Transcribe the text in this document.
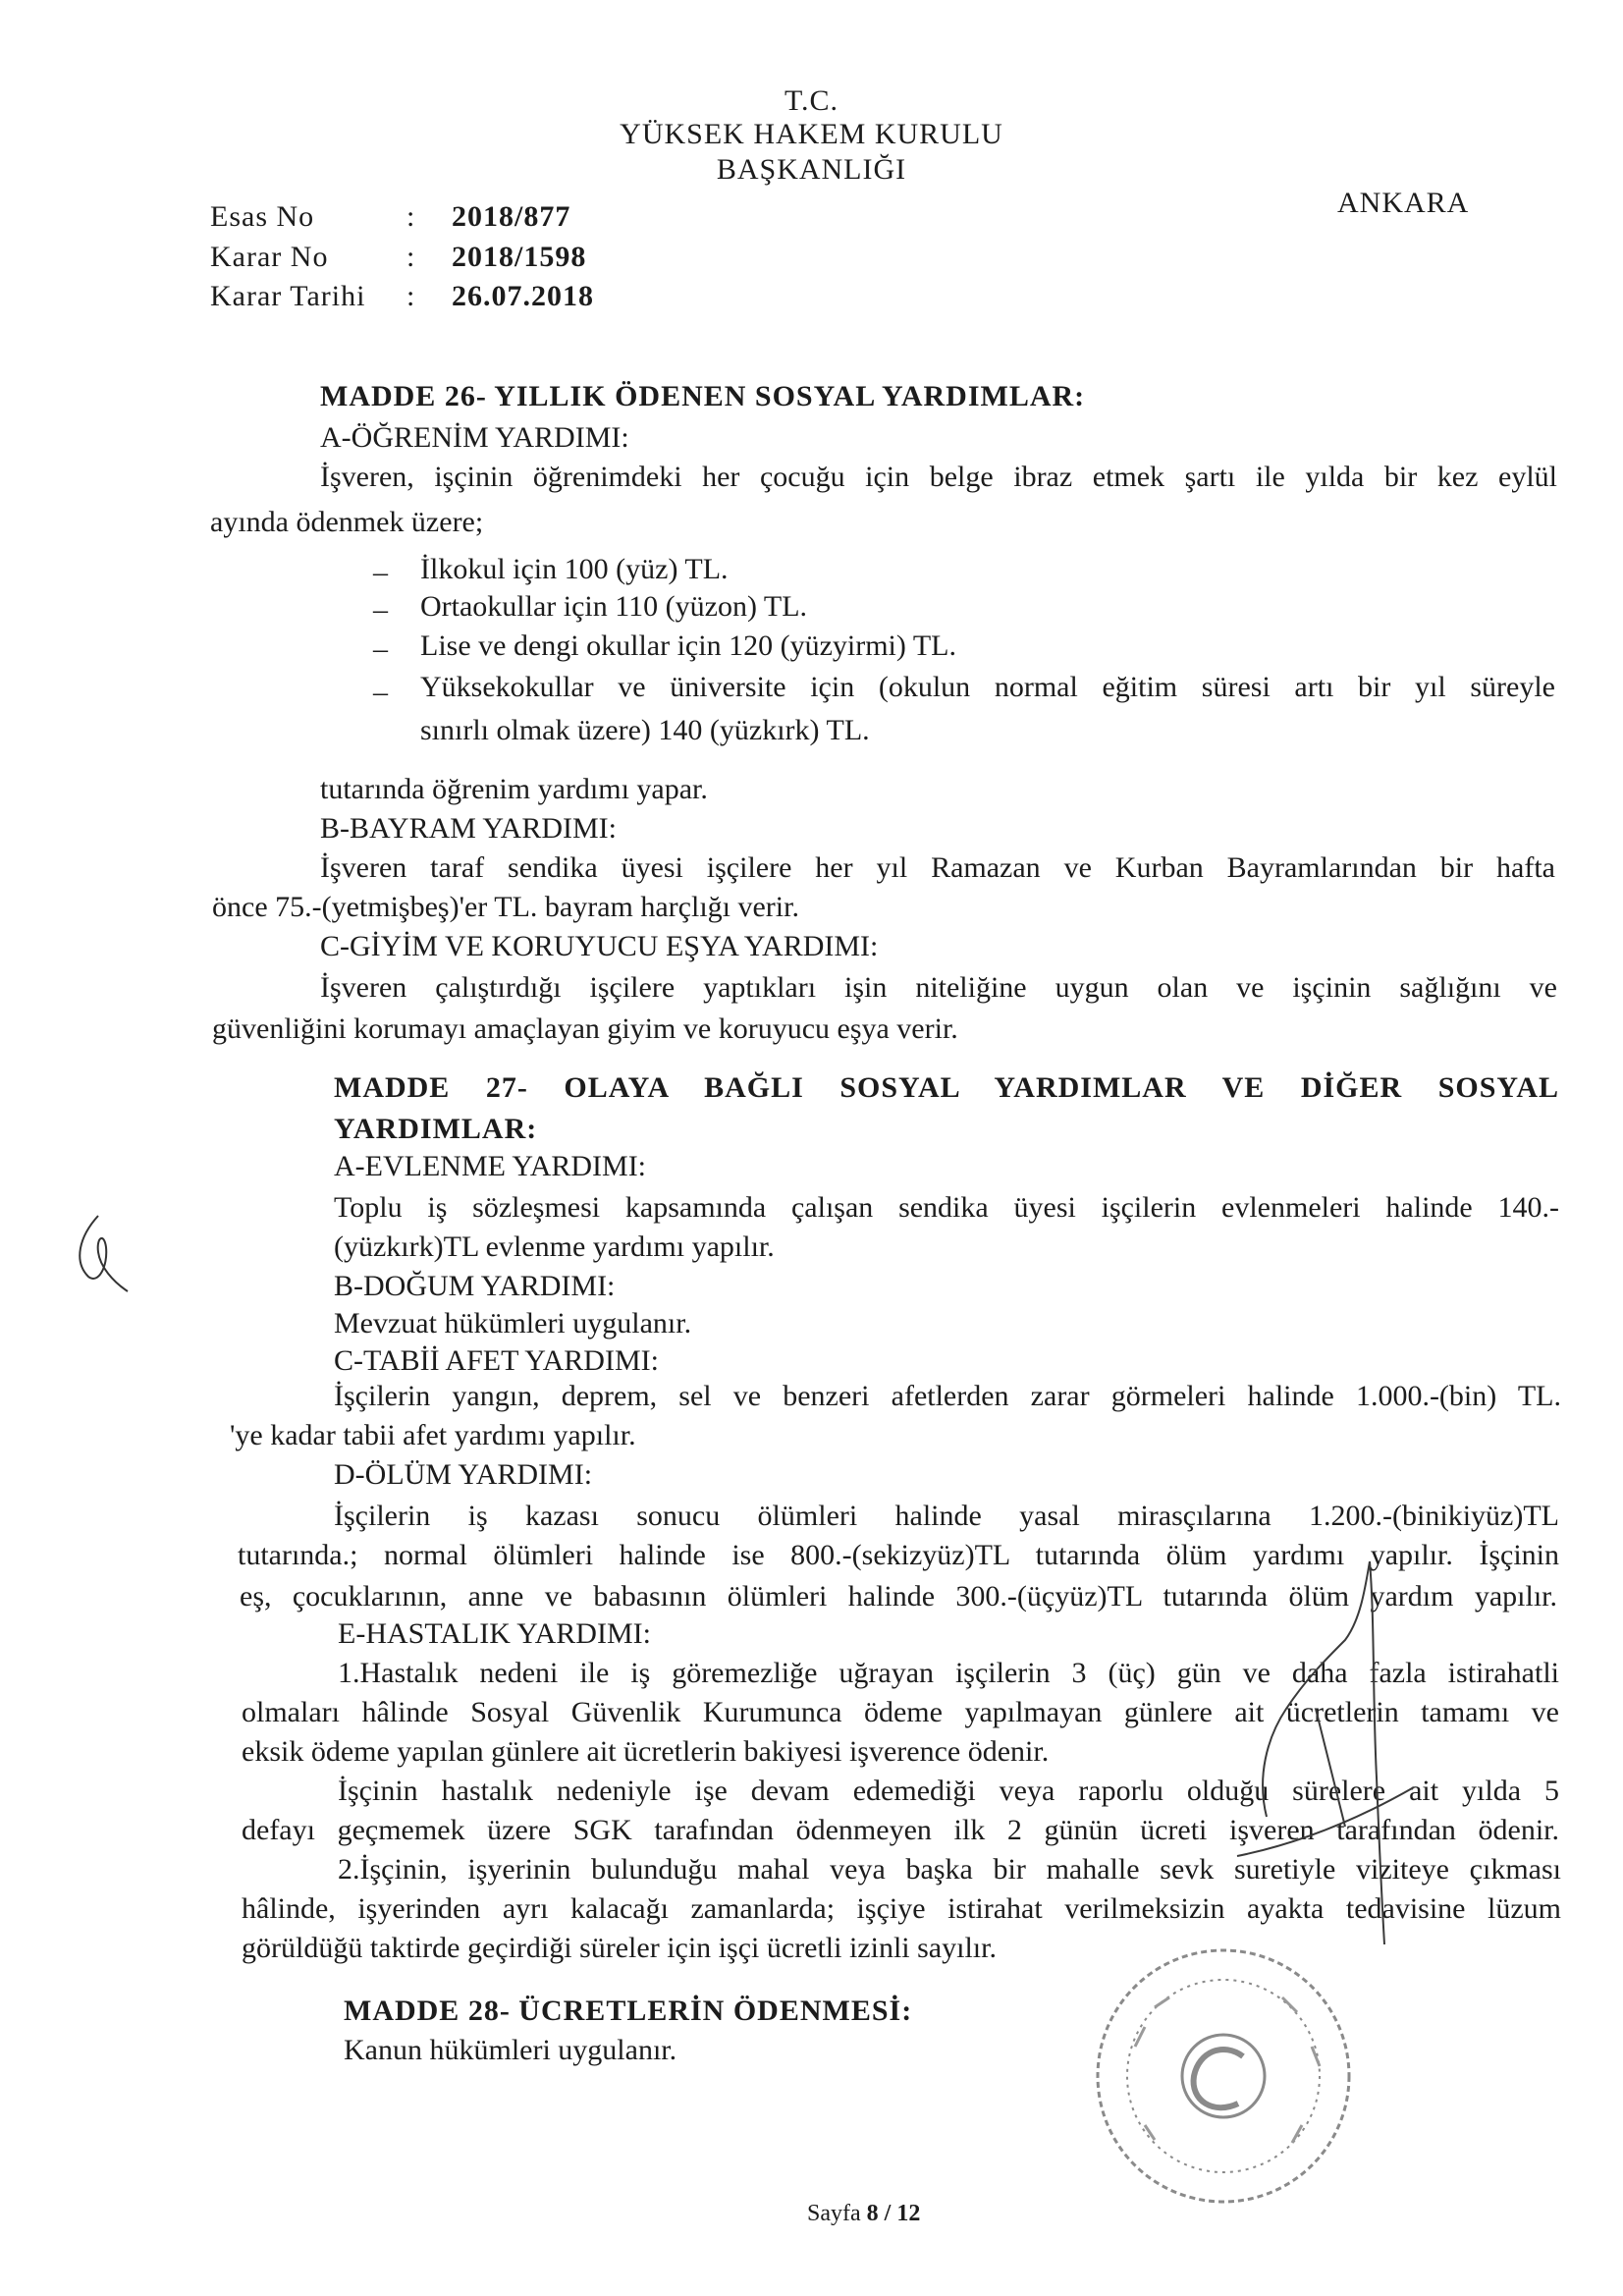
T.C.
YÜKSEK HAKEM KURULU
BAŞKANLIĞI
ANKARA
Esas No	: 2018/877
Karar No	: 2018/1598
Karar Tarihi : 26.07.2018
MADDE 26- YILLIK ÖDENEN SOSYAL YARDIMLAR:
A-ÖĞRENİM YARDIMI:
İşveren, işçinin öğrenimdeki her çocuğu için belge ibraz etmek şartı ile yılda bir kez eylül
ayında ödenmek üzere;
– İlkokul için 100 (yüz) TL.
– Ortaokullar için 110 (yüzon) TL.
– Lise ve dengi okullar için 120 (yüzyirmi) TL.
– Yüksekokullar ve üniversite için (okulun normal eğitim süresi artı bir yıl süreyle
sınırlı olmak üzere) 140 (yüzkırk) TL.
tutarında öğrenim yardımı yapar.
B-BAYRAM YARDIMI:
İşveren taraf sendika üyesi işçilere her yıl Ramazan ve Kurban Bayramlarından bir hafta
önce 75.-(yetmişbeş)'er TL. bayram harçlığı verir.
C-GİYİM VE KORUYUCU EŞYA YARDIMI:
İşveren çalıştırdığı işçilere yaptıkları işin niteliğine uygun olan ve işçinin sağlığını ve
güvenliğini korumayı amaçlayan giyim ve koruyucu eşya verir.
MADDE 27- OLAYA BAĞLI SOSYAL YARDIMLAR VE DİĞER SOSYAL
YARDIMLAR:
A-EVLENME YARDIMI:
Toplu iş sözleşmesi kapsamında çalışan sendika üyesi işçilerin evlenmeleri halinde 140.-
(yüzkırk)TL evlenme yardımı yapılır.
B-DOĞUM YARDIMI:
Mevzuat hükümleri uygulanır.
C-TABİİ AFET YARDIMI:
İşçilerin yangın, deprem, sel ve benzeri afetlerden zarar görmeleri halinde 1.000.-(bin) TL.
'ye kadar tabii afet yardımı yapılır.
D-ÖLÜM YARDIMI:
İşçilerin iş kazası sonucu ölümleri halinde yasal mirasçılarına 1.200.-(binikiyüz)TL
tutarında.; normal ölümleri halinde ise 800.-(sekizyüz)TL tutarında ölüm yardımı yapılır. İşçinin
eş, çocuklarının, anne ve babasının ölümleri halinde 300.-(üçyüz)TL tutarında ölüm yardım yapılır.
E-HASTALIK YARDIMI:
1.Hastalık nedeni ile iş göremezliğe uğrayan işçilerin 3 (üç) gün ve daha fazla istirahatli
olmaları hâlinde Sosyal Güvenlik Kurumunca ödeme yapılmayan günlere ait ücretlerin tamamı ve
eksik ödeme yapılan günlere ait ücretlerin bakiyesi işverence ödenir.
İşçinin hastalık nedeniyle işe devam edemediği veya raporlu olduğu sürelere ait yılda 5
defayı geçmemek üzere SGK tarafından ödenmeyen ilk 2 günün ücreti işveren tarafından ödenir.
2.İşçinin, işyerinin bulunduğu mahal veya başka bir mahalle sevk suretiyle viziteye çıkması
hâlinde, işyerinden ayrı kalacağı zamanlarda; işçiye istirahat verilmeksizin ayakta tedavisine lüzum
görüldüğü taktirde geçirdiği süreler için işçi ücretli izinli sayılır.
MADDE 28- ÜCRETLERİN ÖDENMESİ:
Kanun hükümleri uygulanır.
Sayfa 8 / 12
